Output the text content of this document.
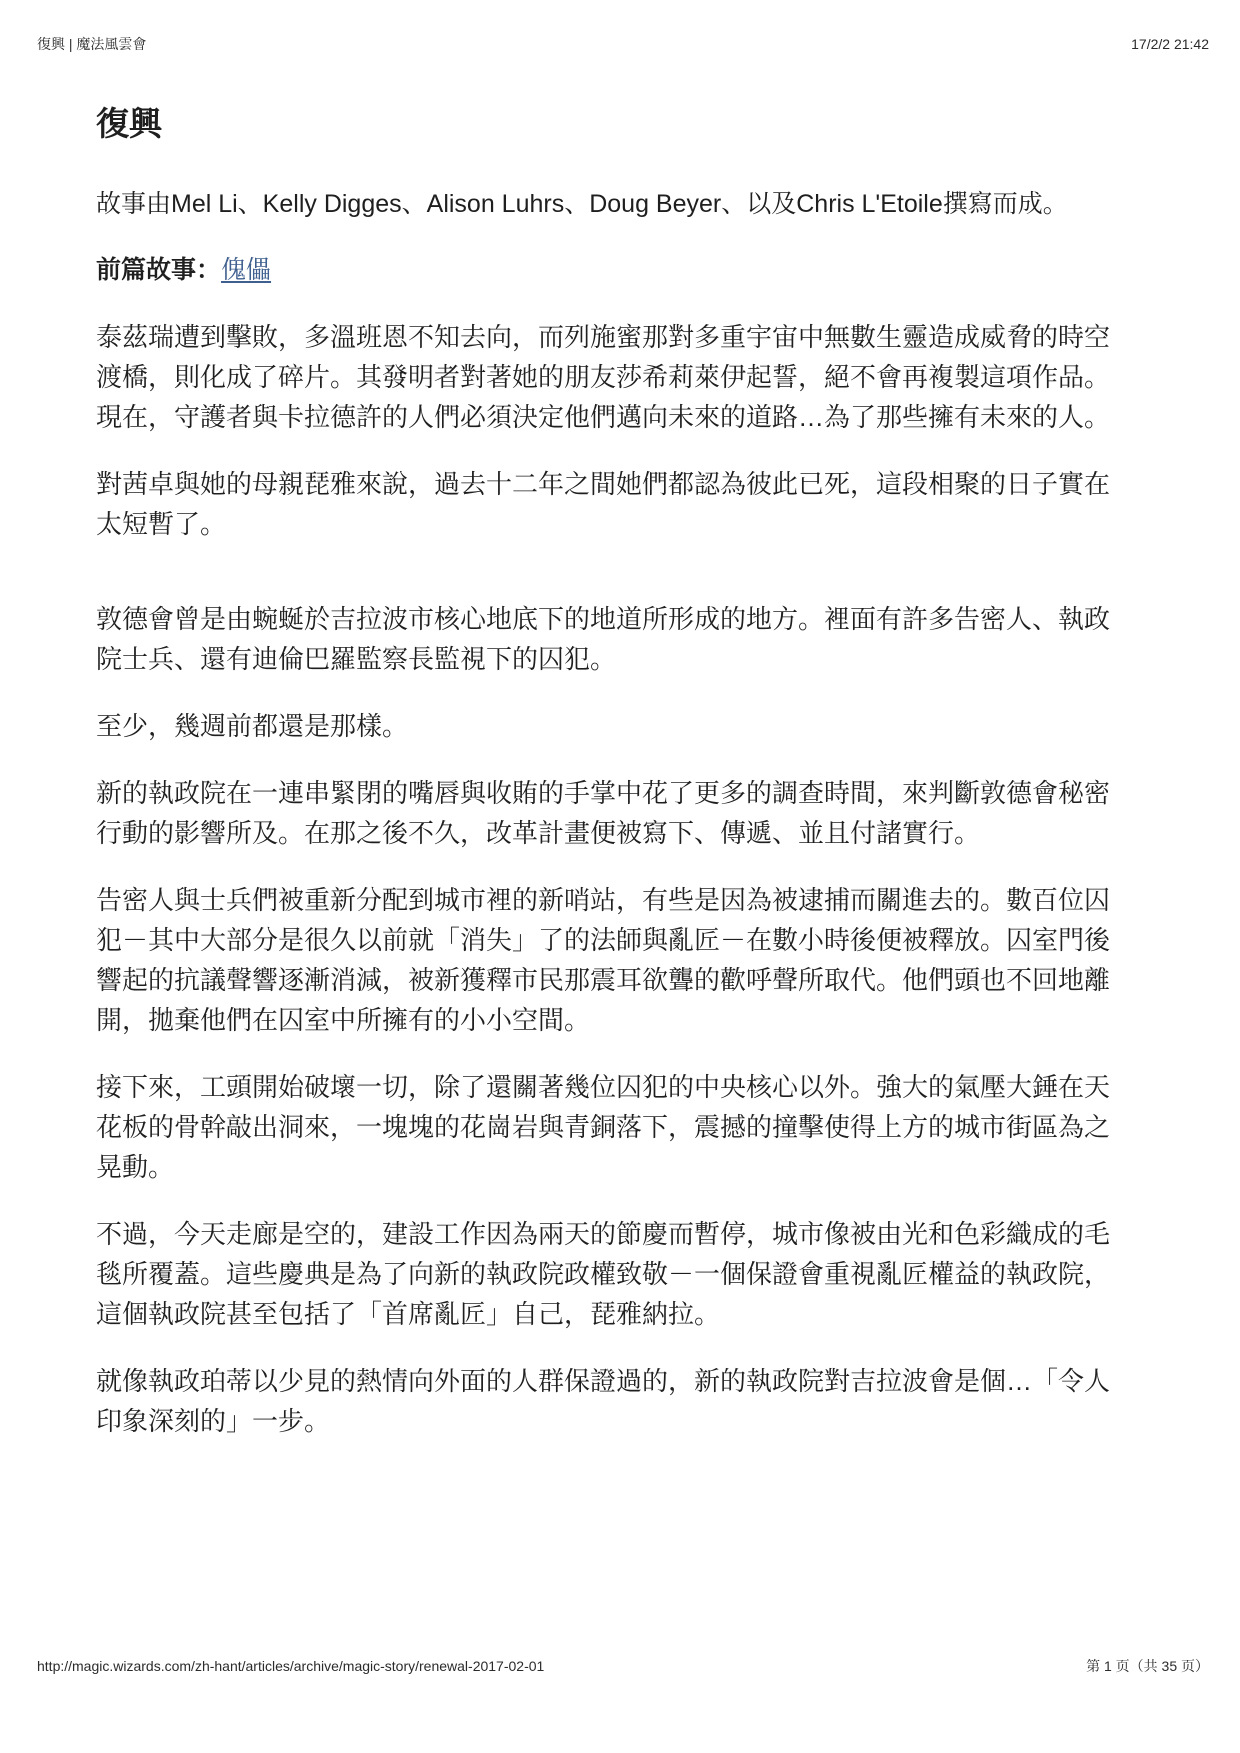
復興 | 魔法風雲會	17/2/2 21:42
復興

故事由Mel Li、Kelly Digges、Alison Luhrs、Doug Beyer、以及Chris L'Etoile撰寫而成。

前篇故事：傀儡

泰茲瑞遭到擊敗，多溫班恩不知去向，而列施蜜那對多重宇宙中無數生靈造成威脅的時空
渡橋，則化成了碎片。其發明者對著她的朋友莎希莉萊伊起誓，絕不會再複製這項作品。
現在，守護者與卡拉德許的人們必須決定他們邁向未來的道路…為了那些擁有未來的人。

對茜卓與她的母親琵雅來說，過去十二年之間她們都認為彼此已死，這段相聚的日子實在
太短暫了。

敦德會曾是由蜿蜒於吉拉波市核心地底下的地道所形成的地方。裡面有許多告密人、執政
院士兵、還有迪倫巴羅監察長監視下的囚犯。

至少，幾週前都還是那樣。

新的執政院在一連串緊閉的嘴唇與收賄的手掌中花了更多的調查時間，來判斷敦德會秘密
行動的影響所及。在那之後不久，改革計畫便被寫下、傳遞、並且付諸實行。

告密人與士兵們被重新分配到城市裡的新哨站，有些是因為被逮捕而關進去的。數百位囚
犯－其中大部分是很久以前就「消失」了的法師與亂匠－在數小時後便被釋放。囚室門後
響起的抗議聲響逐漸消減，被新獲釋市民那震耳欲聾的歡呼聲所取代。他們頭也不回地離
開，拋棄他們在囚室中所擁有的小小空間。

接下來，工頭開始破壞一切，除了還關著幾位囚犯的中央核心以外。強大的氣壓大錘在天
花板的骨幹敲出洞來，一塊塊的花崗岩與青銅落下，震撼的撞擊使得上方的城市街區為之
晃動。

不過，今天走廊是空的，建設工作因為兩天的節慶而暫停，城市像被由光和色彩織成的毛
毯所覆蓋。這些慶典是為了向新的執政院政權致敬－一個保證會重視亂匠權益的執政院，
這個執政院甚至包括了「首席亂匠」自己，琵雅納拉。

就像執政珀蒂以少見的熱情向外面的人群保證過的，新的執政院對吉拉波會是個…「令人
印象深刻的」一步。

http://magic.wizards.com/zh-hant/articles/archive/magic-story/renewal-2017-02-01	第 1 页（共 35 页）
